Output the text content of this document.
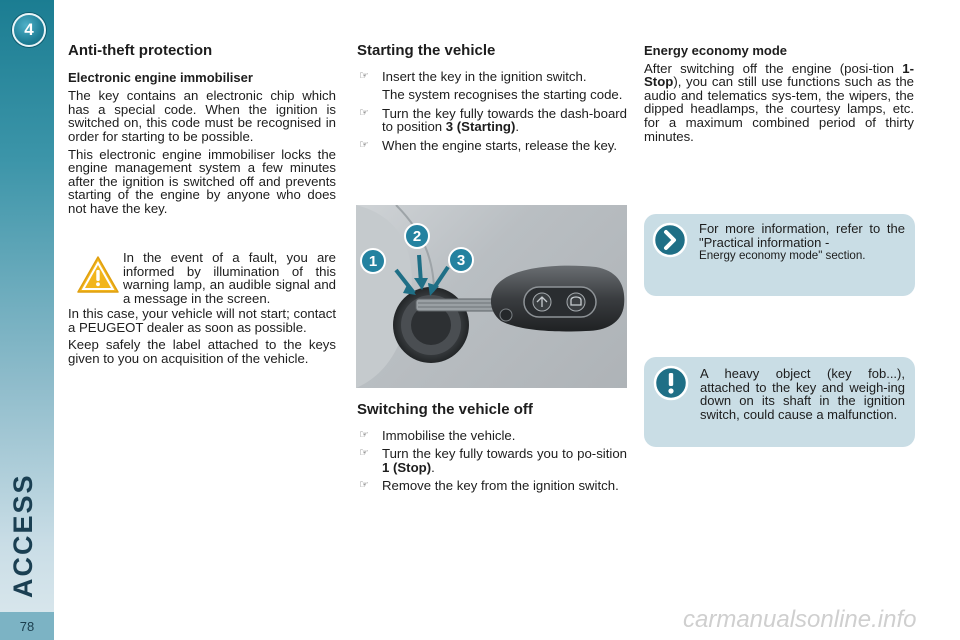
4
ACCESS
78
Anti-theft protection
Electronic engine immobiliser

The key contains an electronic chip which has a special code. When the ignition is switched on, this code must be recognised in order for starting to be possible.

This electronic engine immobiliser locks the engine management system a few minutes after the ignition is switched off and prevents starting of the engine by anyone who does not have the key.

In the event of a fault, you are informed by illumination of this warning lamp, an audible signal and a message in the screen.

In this case, your vehicle will not start; contact a PEUGEOT dealer as soon as possible.

Keep safely the label attached to the keys given to you on acquisition of the vehicle.

Starting the vehicle
☞ Insert the key in the ignition switch.
The system recognises the starting code.
☞ Turn the key fully towards the dash-board to position 3 (Starting).
☞ When the engine starts, release the key.
1
2
3
Switching the vehicle off
☞ Immobilise the vehicle.
☞ Turn the key fully towards you to po-sition 1 (Stop).
☞ Remove the key from the ignition switch.
Energy economy mode

After switching off the engine (posi-tion 1-Stop), you can still use functions such as the audio and telematics sys-tem, the wipers, the dipped headlamps, the courtesy lamps, etc. for a maximum combined period of thirty minutes.

For more information, refer to the "Practical information -
Energy economy mode" section.
A heavy object (key fob...), attached to the key and weigh-ing down on its shaft in the ignition switch, could cause a malfunction.
carmanualsonline.info
